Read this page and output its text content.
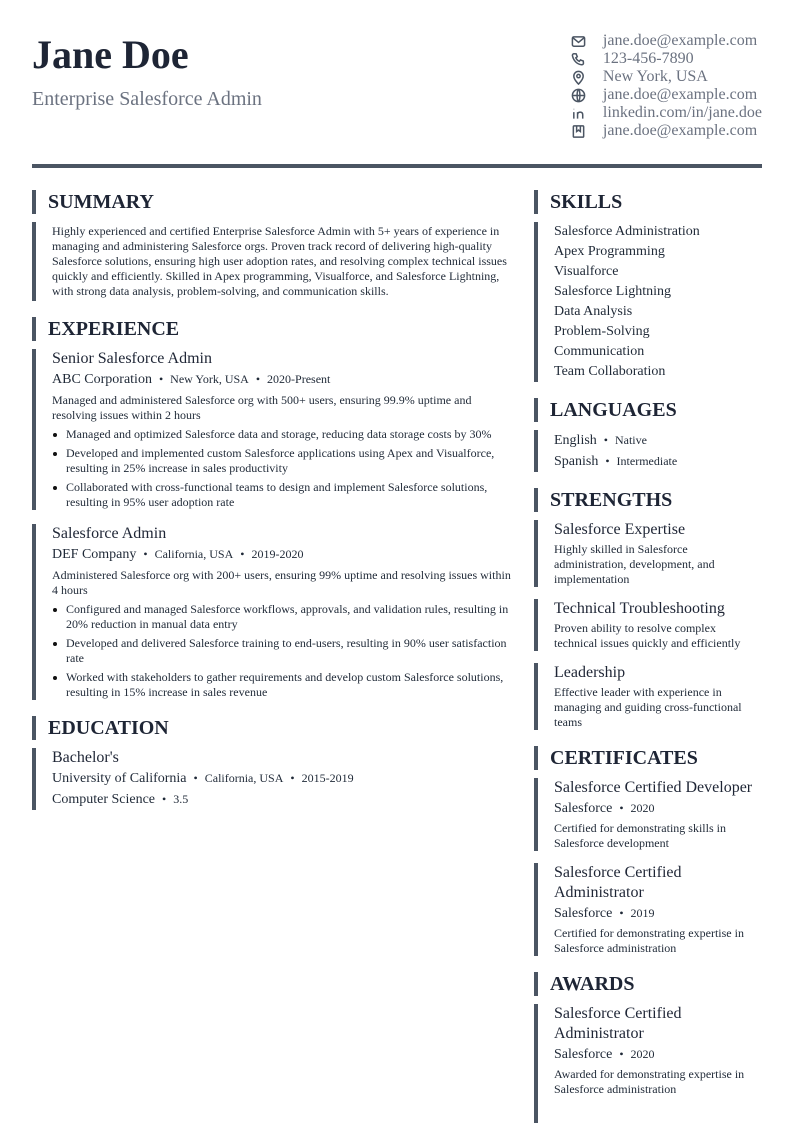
Jane Doe
Enterprise Salesforce Admin
jane.doe@example.com
123-456-7890
New York, USA
jane.doe@example.com
linkedin.com/in/jane.doe
jane.doe@example.com
SUMMARY
Highly experienced and certified Enterprise Salesforce Admin with 5+ years of experience in managing and administering Salesforce orgs. Proven track record of delivering high-quality Salesforce solutions, ensuring high user adoption rates, and resolving complex technical issues quickly and efficiently. Skilled in Apex programming, Visualforce, and Salesforce Lightning, with strong data analysis, problem-solving, and communication skills.
EXPERIENCE
Senior Salesforce Admin
ABC Corporation • New York, USA • 2020-Present
Managed and administered Salesforce org with 500+ users, ensuring 99.9% uptime and resolving issues within 2 hours
Managed and optimized Salesforce data and storage, reducing data storage costs by 30%
Developed and implemented custom Salesforce applications using Apex and Visualforce, resulting in 25% increase in sales productivity
Collaborated with cross-functional teams to design and implement Salesforce solutions, resulting in 95% user adoption rate
Salesforce Admin
DEF Company • California, USA • 2019-2020
Administered Salesforce org with 200+ users, ensuring 99% uptime and resolving issues within 4 hours
Configured and managed Salesforce workflows, approvals, and validation rules, resulting in 20% reduction in manual data entry
Developed and delivered Salesforce training to end-users, resulting in 90% user satisfaction rate
Worked with stakeholders to gather requirements and develop custom Salesforce solutions, resulting in 15% increase in sales revenue
EDUCATION
Bachelor's
University of California • California, USA • 2015-2019
Computer Science • 3.5
SKILLS
Salesforce Administration
Apex Programming
Visualforce
Salesforce Lightning
Data Analysis
Problem-Solving
Communication
Team Collaboration
LANGUAGES
English • Native
Spanish • Intermediate
STRENGTHS
Salesforce Expertise
Highly skilled in Salesforce administration, development, and implementation
Technical Troubleshooting
Proven ability to resolve complex technical issues quickly and efficiently
Leadership
Effective leader with experience in managing and guiding cross-functional teams
CERTIFICATES
Salesforce Certified Developer
Salesforce • 2020
Certified for demonstrating skills in Salesforce development
Salesforce Certified Administrator
Salesforce • 2019
Certified for demonstrating expertise in Salesforce administration
AWARDS
Salesforce Certified Administrator
Salesforce • 2020
Awarded for demonstrating expertise in Salesforce administration
